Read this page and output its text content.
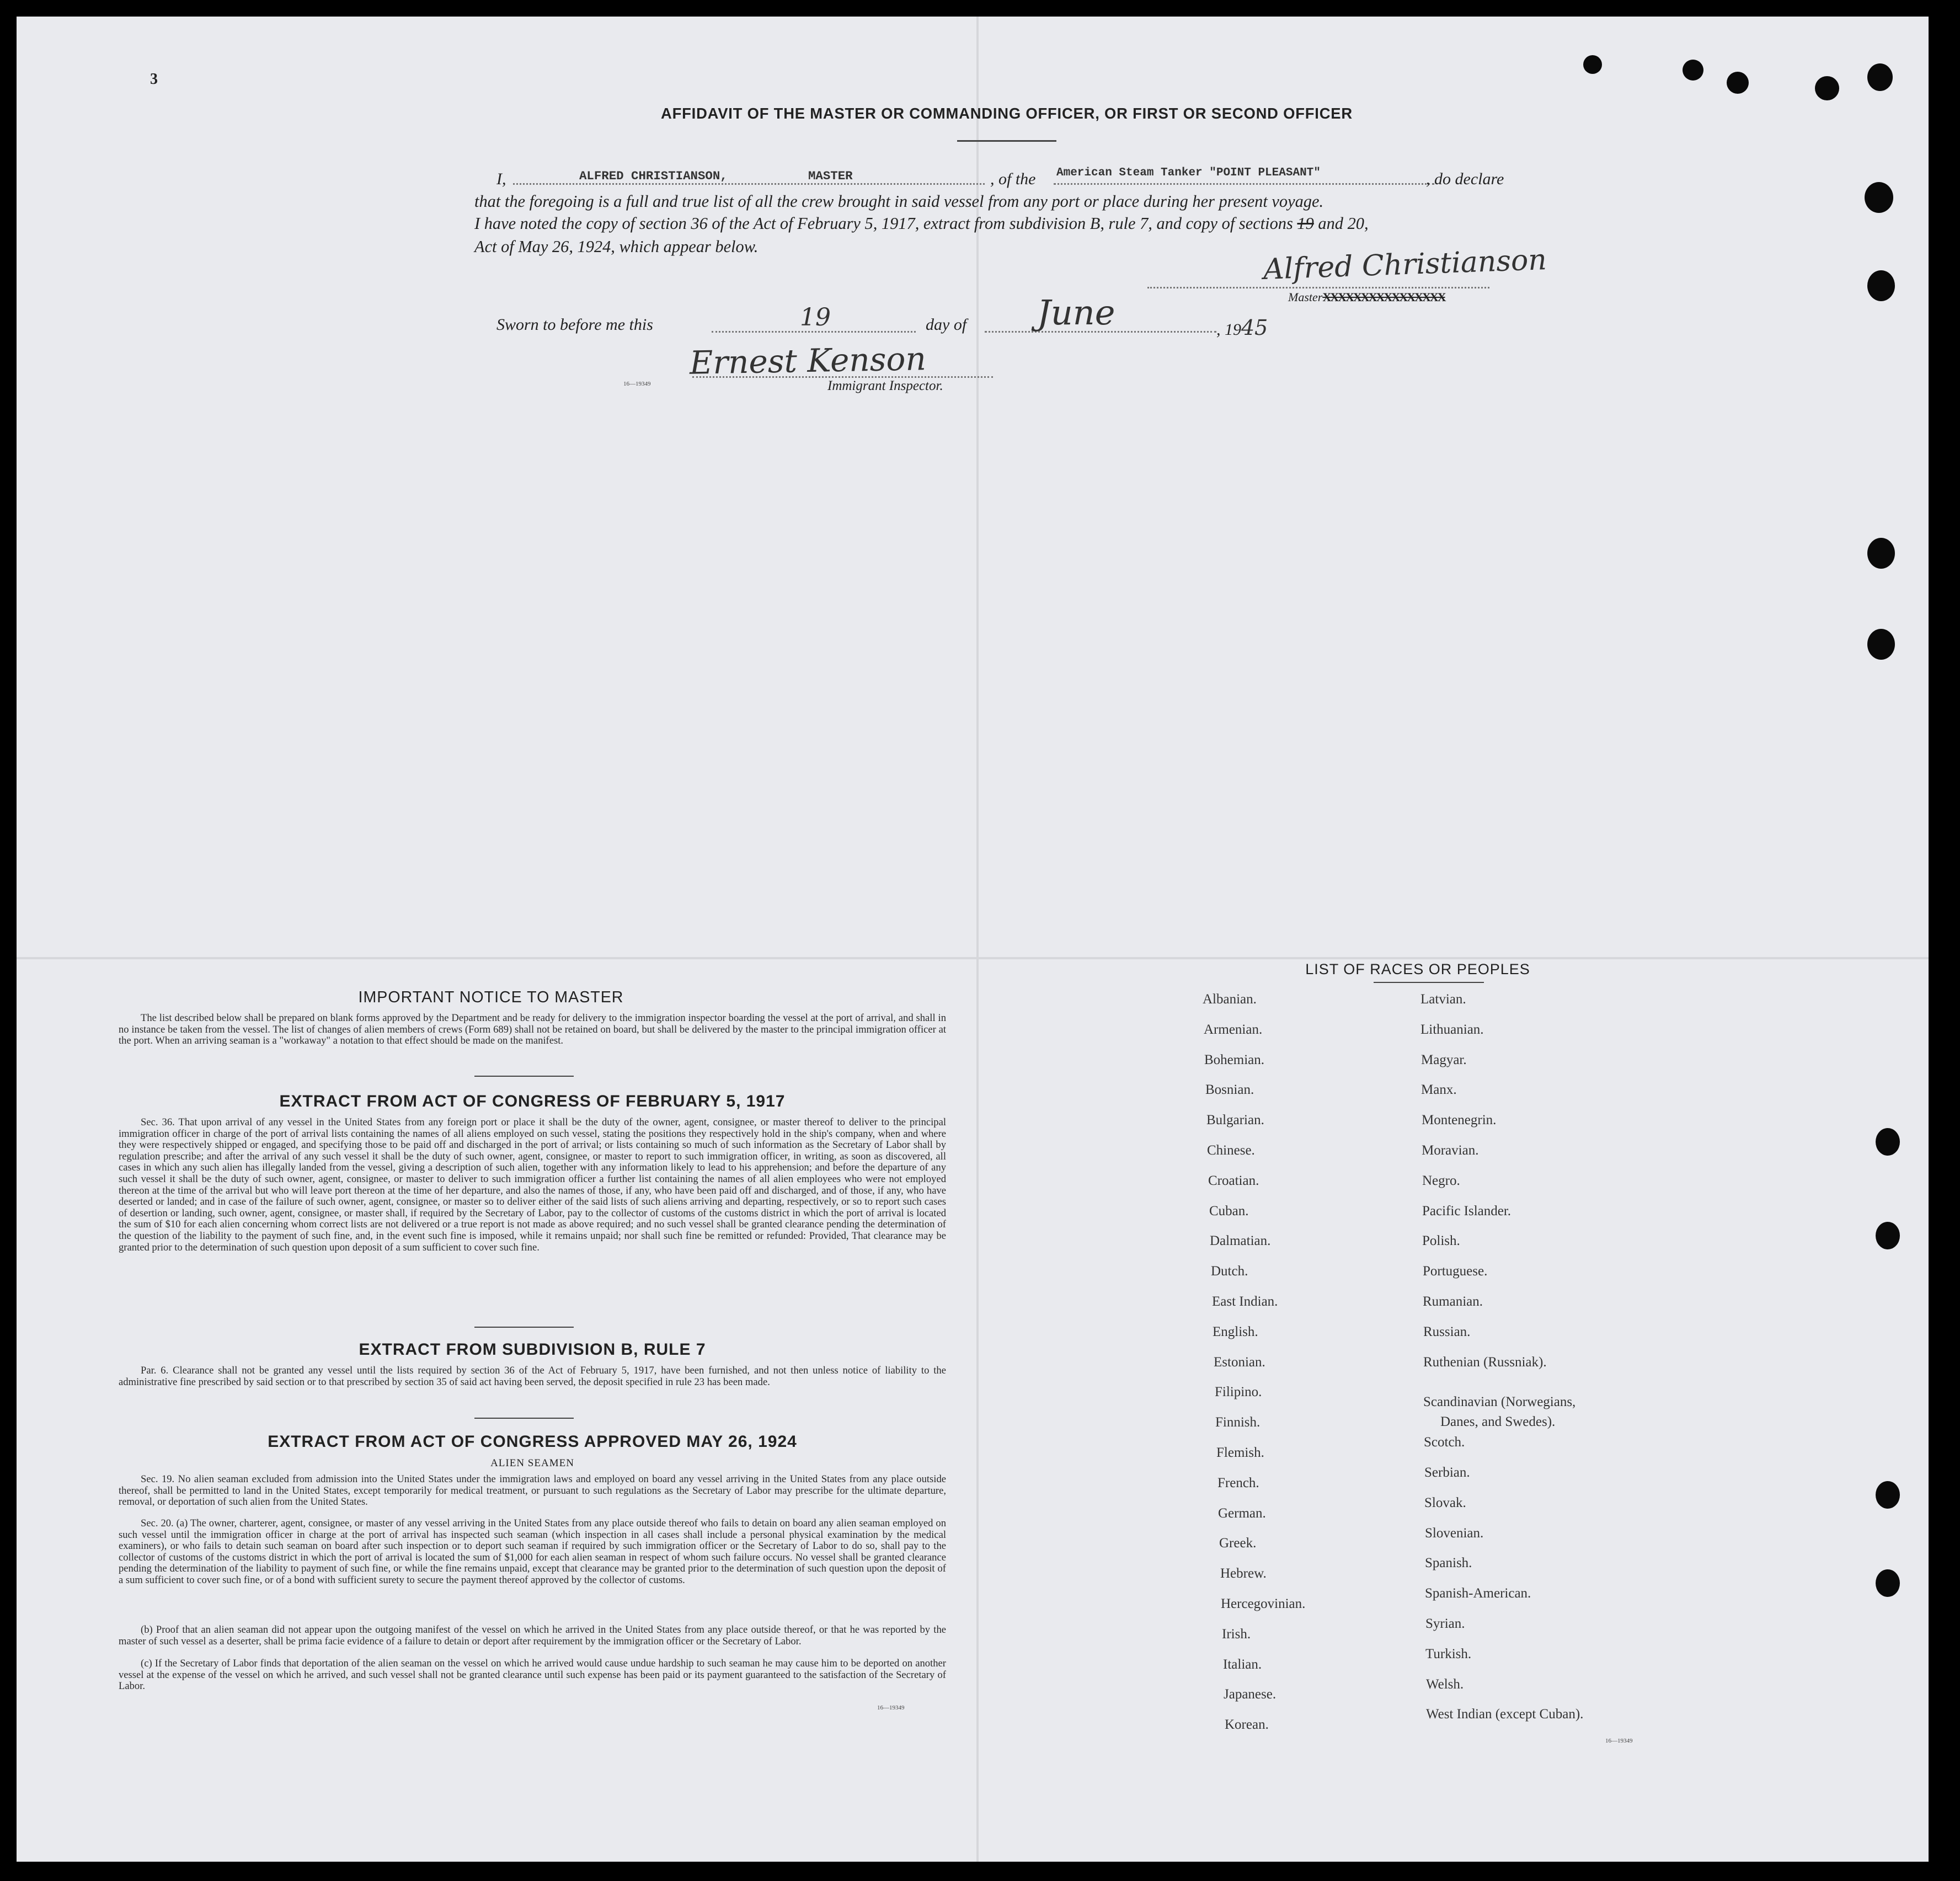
3
AFFIDAVIT OF THE MASTER OR COMMANDING OFFICER, OR FIRST OR SECOND OFFICER
I,	ALFRED CHRISTIANSON,	MASTER	, of the American Steam Tanker "POINT PLEASANT"	, do declare
that the foregoing is a full and true list of all the crew brought in said vessel from any port or place during her present voyage.
I have noted the copy of section 36 of the Act of February 5, 1917, extract from subdivision B, rule 7, and copy of sections 19 and 20,
Act of May 26, 1924, which appear below.	Alfred Christianson
MasterXXXXXXXXXXXXXXXX
Sworn to before me this	19	day of June	, 1945
Ernest Kenson
16—19349	Immigrant Inspector.
IMPORTANT NOTICE TO MASTER
The list described below shall be prepared on blank forms approved by the Department and be ready for delivery to the immigration inspector boarding the vessel at the port of arrival, and shall in no instance be taken from the vessel. The list of changes of alien members of crews (Form 689) shall not be retained on board, but shall be delivered by the master to the principal immigration officer at the port. When an arriving seaman is a "workaway" a notation to that effect should be made on the manifest.
EXTRACT FROM ACT OF CONGRESS OF FEBRUARY 5, 1917
Sec. 36. That upon arrival of any vessel in the United States from any foreign port or place it shall be the duty of the owner, agent, consignee, or master thereof to deliver to the principal immigration officer in charge of the port of arrival lists containing the names of all aliens employed on such vessel, stating the positions they respectively hold in the ship's company, when and where they were respectively shipped or engaged, and specifying those to be paid off and discharged in the port of arrival; or lists containing so much of such information as the Secretary of Labor shall by regulation prescribe; and after the arrival of any such vessel it shall be the duty of such owner, agent, consignee, or master to report to such immigration officer, in writing, as soon as discovered, all cases in which any such alien has illegally landed from the vessel, giving a description of such alien, together with any information likely to lead to his apprehension; and before the departure of any such vessel it shall be the duty of such owner, agent, consignee, or master to deliver to such immigration officer a further list containing the names of all alien employees who were not employed thereon at the time of the arrival but who will leave port thereon at the time of her departure, and also the names of those, if any, who have been paid off and discharged, and of those, if any, who have deserted or landed; and in case of the failure of such owner, agent, consignee, or master so to deliver either of the said lists of such aliens arriving and departing, respectively, or so to report such cases of desertion or landing, such owner, agent, consignee, or master shall, if required by the Secretary of Labor, pay to the collector of customs of the customs district in which the port of arrival is located the sum of $10 for each alien concerning whom correct lists are not delivered or a true report is not made as above required; and no such vessel shall be granted clearance pending the determination of the question of the liability to the payment of such fine, and, in the event such fine is imposed, while it remains unpaid; nor shall such fine be remitted or refunded: Provided, That clearance may be granted prior to the determination of such question upon deposit of a sum sufficient to cover such fine.
EXTRACT FROM SUBDIVISION B, RULE 7
Par. 6. Clearance shall not be granted any vessel until the lists required by section 36 of the Act of February 5, 1917, have been furnished, and not then unless notice of liability to the administrative fine prescribed by said section or to that prescribed by section 35 of said act having been served, the deposit specified in rule 23 has been made.
EXTRACT FROM ACT OF CONGRESS APPROVED MAY 26, 1924
ALIEN SEAMEN
Sec. 19. No alien seaman excluded from admission into the United States under the immigration laws and employed on board any vessel arriving in the United States from any place outside thereof, shall be permitted to land in the United States, except temporarily for medical treatment, or pursuant to such regulations as the Secretary of Labor may prescribe for the ultimate departure, removal, or deportation of such alien from the United States.
Sec. 20. (a) The owner, charterer, agent, consignee, or master of any vessel arriving in the United States from any place outside thereof who fails to detain on board any alien seaman employed on such vessel until the immigration officer in charge at the port of arrival has inspected such seaman (which inspection in all cases shall include a personal physical examination by the medical examiners), or who fails to detain such seaman on board after such inspection or to deport such seaman if required by such immigration officer or the Secretary of Labor to do so, shall pay to the collector of customs of the customs district in which the port of arrival is located the sum of $1,000 for each alien seaman in respect of whom such failure occurs. No vessel shall be granted clearance pending the determination of the liability to payment of such fine, or while the fine remains unpaid, except that clearance may be granted prior to the determination of such question upon the deposit of a sum sufficient to cover such fine, or of a bond with sufficient surety to secure the payment thereof approved by the collector of customs.
(b) Proof that an alien seaman did not appear upon the outgoing manifest of the vessel on which he arrived in the United States from any place outside thereof, or that he was reported by the master of such vessel as a deserter, shall be prima facie evidence of a failure to detain or deport after requirement by the immigration officer or the Secretary of Labor.
(c) If the Secretary of Labor finds that deportation of the alien seaman on the vessel on which he arrived would cause undue hardship to such seaman he may cause him to be deported on another vessel at the expense of the vessel on which he arrived, and such vessel shall not be granted clearance until such expense has been paid or its payment guaranteed to the satisfaction of the Secretary of Labor.
16—19349
LIST OF RACES OR PEOPLES
16—19349
Albanian.
Armenian.
Bohemian.
Bosnian.
Bulgarian.
Chinese.
Croatian.
Cuban.
Dalmatian.
Dutch.
East Indian.
English.
Estonian.
Filipino.
Finnish.
Flemish.
French.
German.
Greek.
Hebrew.
Hercegovinian.
Irish.
Italian.
Japanese.
Korean.
Latvian.
Lithuanian.
Magyar.
Manx.
Montenegrin.
Moravian.
Negro.
Pacific Islander.
Polish.
Portuguese.
Rumanian.
Russian.
Ruthenian (Russniak).
Scandinavian (Norwegians,
Danes, and Swedes).
Scotch.
Serbian.
Slovak.
Slovenian.
Spanish.
Spanish-American.
Syrian.
Turkish.
Welsh.
West Indian (except Cuban).
